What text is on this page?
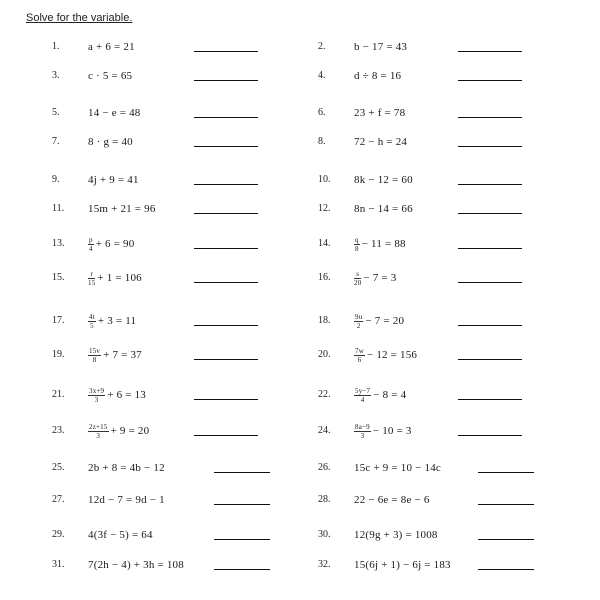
Solve for the variable.
1.	a + 6 = 21	2.	b − 17 = 43
3.	c · 5 = 65	4.	d ÷ 8 = 16
5.	14 − e = 48	6.	23 + f = 78
7.	8 · g = 40	8.	72 − h = 24
9.	4j + 9 = 41	10. 8k − 12 = 60
11. 15m + 21 = 96	12. 8n − 14 = 66
13.	$\frac{p}{4} + 6 = 90$	14.	$\frac{q}{8} - 11 = 88$
15.	$\frac{r}{15} + 1 = 106$	16.	$\frac{s}{20} - 7 = 3$
17.	$\frac{4t}{5} + 3 = 11$	18.	$\frac{9u}{2} - 7 = 20$
19.	$\frac{15v}{8} + 7 = 37$	20.	$\frac{7w}{6} - 12 = 156$
21.	$\frac{3x+9}{3} + 6 = 13$	22.	$\frac{5y-7}{4} - 8 = 4$
23.	$\frac{2z+15}{3} + 9 = 20$	24.	$\frac{8a-9}{3} - 10 = 3$
25. 2b + 8 = 4b − 12	26. 15c + 9 = 10 − 14c
27. 12d − 7 = 9d − 1	28. 22 − 6e = 8e − 6
29. 4(3f − 5) = 64	30. 12(9g + 3) = 1008
31. 7(2h − 4) + 3h = 108	32. 15(6j + 1) − 6j = 183
